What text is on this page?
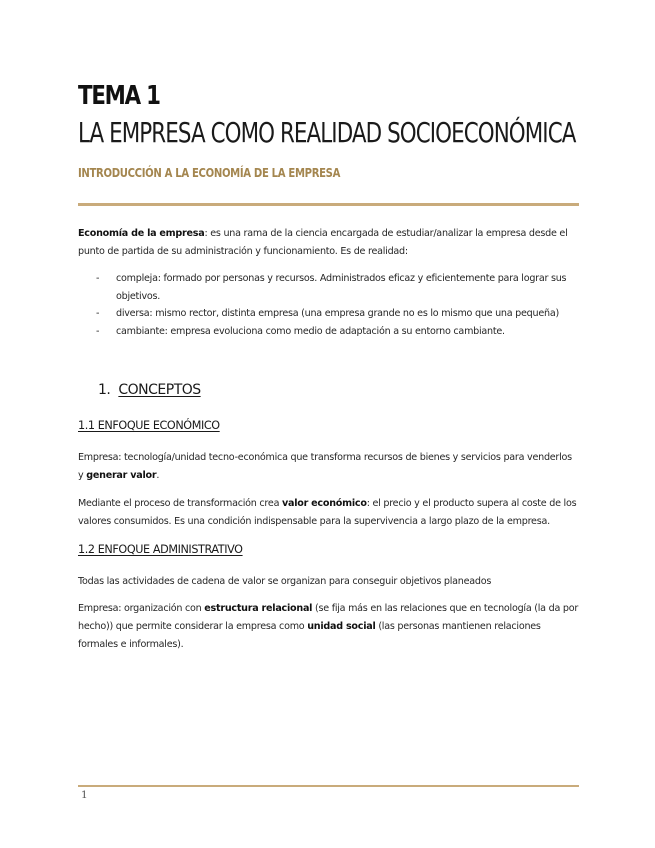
TEMA 1
LA EMPRESA COMO REALIDAD SOCIOECONÓMICA
INTRODUCCIÓN A LA ECONOMÍA DE LA EMPRESA

Economía de la empresa: es una rama de la ciencia encargada de estudiar/analizar la empresa desde el punto de partida de su administración y funcionamiento. Es de realidad:

- compleja: formado por personas y recursos. Administrados eficaz y eficientemente para lograr sus objetivos.
- diversa: mismo rector, distinta empresa (una empresa grande no es lo mismo que una pequeña)
- cambiante: empresa evoluciona como medio de adaptación a su entorno cambiante.
1. CONCEPTOS
1.1 ENFOQUE ECONÓMICO

Empresa: tecnología/unidad tecno-económica que transforma recursos de bienes y servicios para venderlos y generar valor.

Mediante el proceso de transformación crea valor económico: el precio y el producto supera al coste de los valores consumidos. Es una condición indispensable para la supervivencia a largo plazo de la empresa.

1.2 ENFOQUE ADMINISTRATIVO

Todas las actividades de cadena de valor se organizan para conseguir objetivos planeados

Empresa: organización con estructura relacional (se fija más en las relaciones que en tecnología (la da por hecho)) que permite considerar la empresa como unidad social (las personas mantienen relaciones formales e informales).

1
